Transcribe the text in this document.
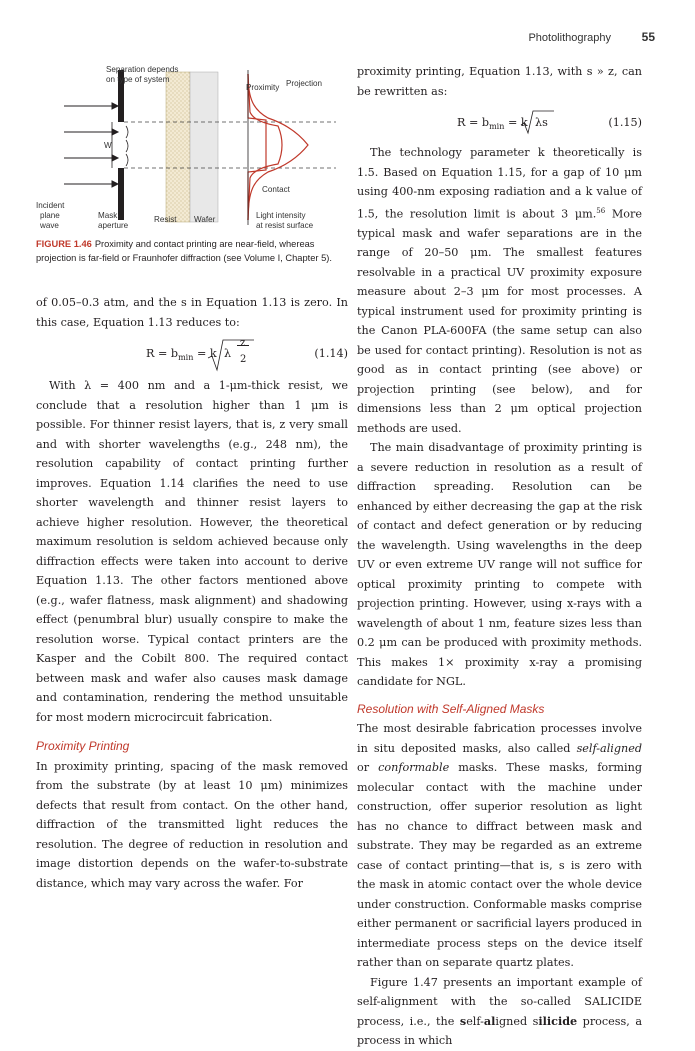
Photolithography	55
W
Separation depends
on type of system
Proximity Projection
Contact
Incident
plane
wave
Mask
aperture
Resist Wafer	Light intensity
at resist surface
FIGURE 1.46 Proximity and contact printing are near-field, whereas projection is far-field or Fraunhofer diffraction (see Volume I, Chapter 5).

of 0.05–0.3 atm, and the s in Equation 1.13 is zero. In this case, Equation 1.13 reduces to:

$R = b_{min} = k$ λ
z
2	(1.14)

With λ = 400 nm and a 1-μm-thick resist, we conclude that a resolution higher than 1 μm is possible. For thinner resist layers, that is, z very small and with shorter wavelengths (e.g., 248 nm), the resolution capability of contact printing further improves. Equation 1.14 clarifies the need to use shorter wavelength and thinner resist layers to achieve higher resolution. However, the theoretical maximum resolution is seldom achieved because only diffraction effects were taken into account to derive Equation 1.13. The other factors mentioned above (e.g., wafer flatness, mask alignment) and shadowing effect (penumbral blur) usually conspire to make the resolution worse. Typical contact printers are the Kasper and the Cobilt 800. The required contact between mask and wafer also causes mask damage and contamination, rendering the method unsuitable for most modern microcircuit fabrication.

Proximity Printing

In proximity printing, spacing of the mask removed from the substrate (by at least 10 μm) minimizes defects that result from contact. On the other hand, diffraction of the transmitted light reduces the resolution. The degree of reduction in resolution and image distortion depends on the wafer-to-substrate distance, which may vary across the wafer. For

proximity printing, Equation 1.13, with s » z, can be rewritten as:

$R = b_{min} = k$ λs	(1.15)

The technology parameter k theoretically is 1.5. Based on Equation 1.15, for a gap of 10 μm using 400-nm exposing radiation and a k value of 1.5, the resolution limit is about 3 μm.$^{56}$ More typical mask and wafer separations are in the range of 20–50 μm. The smallest features resolvable in a practical UV proximity exposure measure about 2–3 μm for most processes. A typical instrument used for proximity printing is the Canon PLA-600FA (the same setup can also be used for contact printing). Resolution is not as good as in contact printing (see above) or projection printing (see below), and for dimensions less than 2 μm optical projection methods are used.

The main disadvantage of proximity printing is a severe reduction in resolution as a result of diffraction spreading. Resolution can be enhanced by either decreasing the gap at the risk of contact and defect generation or by reducing the wavelength. Using wavelengths in the deep UV or even extreme UV range will not suffice for optical proximity printing to compete with projection printing. However, using x-rays with a wavelength of about 1 nm, feature sizes less than 0.2 μm can be produced with proximity methods. This makes 1× proximity x-ray a promising candidate for NGL.

Resolution with Self-Aligned Masks

The most desirable fabrication processes involve in situ deposited masks, also called self-aligned or conformable masks. These masks, forming molecular contact with the machine under construction, offer superior resolution as light has no chance to diffract between mask and substrate. They may be regarded as an extreme case of contact printing—that is, s is zero with the mask in atomic contact over the whole device under construction. Conformable masks comprise either permanent or sacrificial layers produced in intermediate process steps on the device itself rather than on separate quartz plates.

Figure 1.47 presents an important example of self-alignment with the so-called SALICIDE process, i.e., the self-aligned silicide process, a process in which
